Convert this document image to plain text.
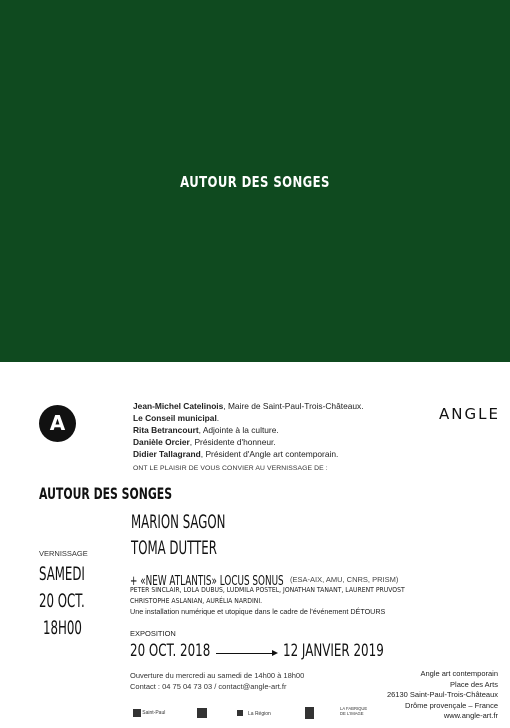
AUTOUR DES SONGES
A	ANGLE
Jean-Michel Catelinois, Maire de Saint-Paul-Trois-Châteaux.
Le Conseil municipal.
Rita Betrancourt, Adjointe à la culture.
Danièle Orcier, Présidente d'honneur.
Didier Tallagrand, Président d'Angle art contemporain.
ONT LE PLAISIR DE VOUS CONVIER AU VERNISSAGE DE :
AUTOUR DES SONGES
MARION SAGON
TOMA DUTTER
VERNISSAGE
SAMEDI
20 OCT.
18H00
+ «NEW ATLANTIS» LOCUS SONUS (ESA-AIX, AMU, CNRS, PRISM)
PETER SINCLAIR, LOLA DUBUS, LUDMILA POSTEL, JONATHAN TANANT, LAURENT PRUVOST
CHRISTOPHE ASLANIAN, AURÉLIA NARDINI.
Une installation numérique et utopique dans le cadre de l'événement DÉTOURS
EXPOSITION
20 OCT. 2018	12 JANVIER 2019
Ouverture du mercredi au samedi de 14h00 à 18h00
Contact : 04 75 04 73 03 / contact@angle-art.fr
Angle art contemporain
Place des Arts
26130 Saint-Paul-Trois-Châteaux
Drôme provençale – France
www.angle-art.fr
Saint-Paul	La Région
LA FABRIQUE DE L'IMAGE
